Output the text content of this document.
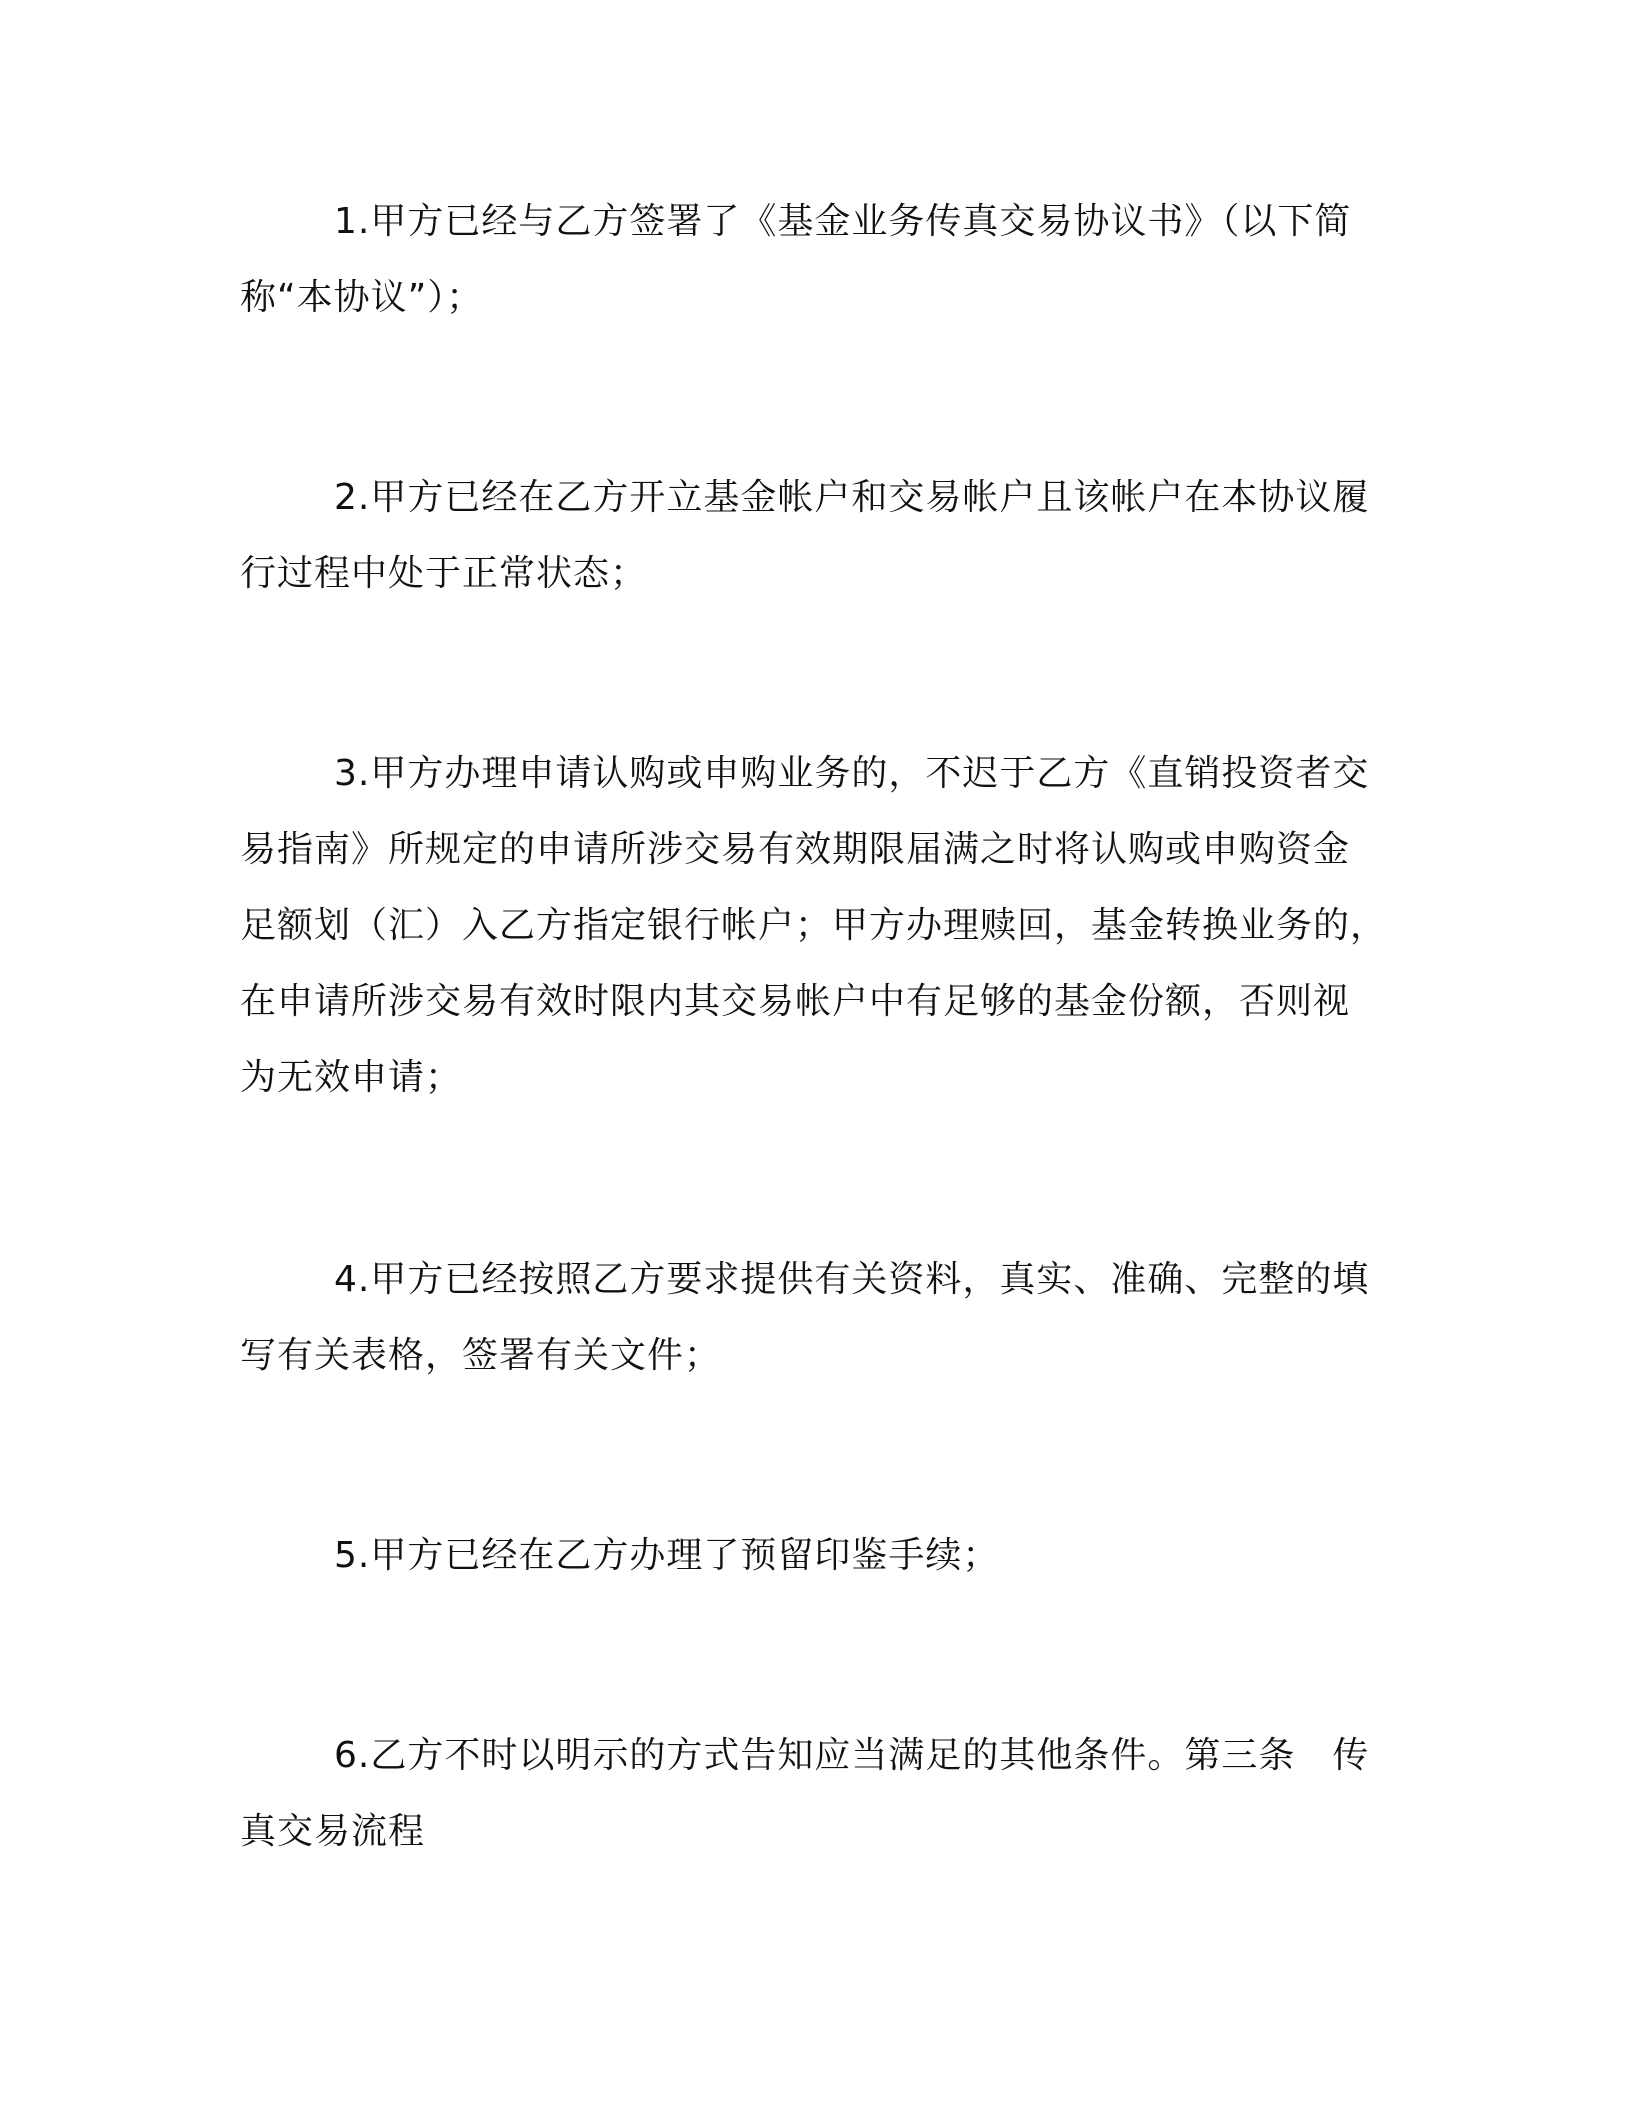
1.甲方已经与乙方签署了《基金业务传真交易协议书》（以下简
称“本协议”）；
2.甲方已经在乙方开立基金帐户和交易帐户且该帐户在本协议履
行过程中处于正常状态；
3.甲方办理申请认购或申购业务的，不迟于乙方《直销投资者交
易指南》所规定的申请所涉交易有效期限届满之时将认购或申购资金
足额划（汇）入乙方指定银行帐户；甲方办理赎回，基金转换业务的，
在申请所涉交易有效时限内其交易帐户中有足够的基金份额，否则视
为无效申请；
4.甲方已经按照乙方要求提供有关资料，真实、准确、完整的填
写有关表格，签署有关文件；
5.甲方已经在乙方办理了预留印鉴手续；
6.乙方不时以明示的方式告知应当满足的其他条件。第三条　传
真交易流程
